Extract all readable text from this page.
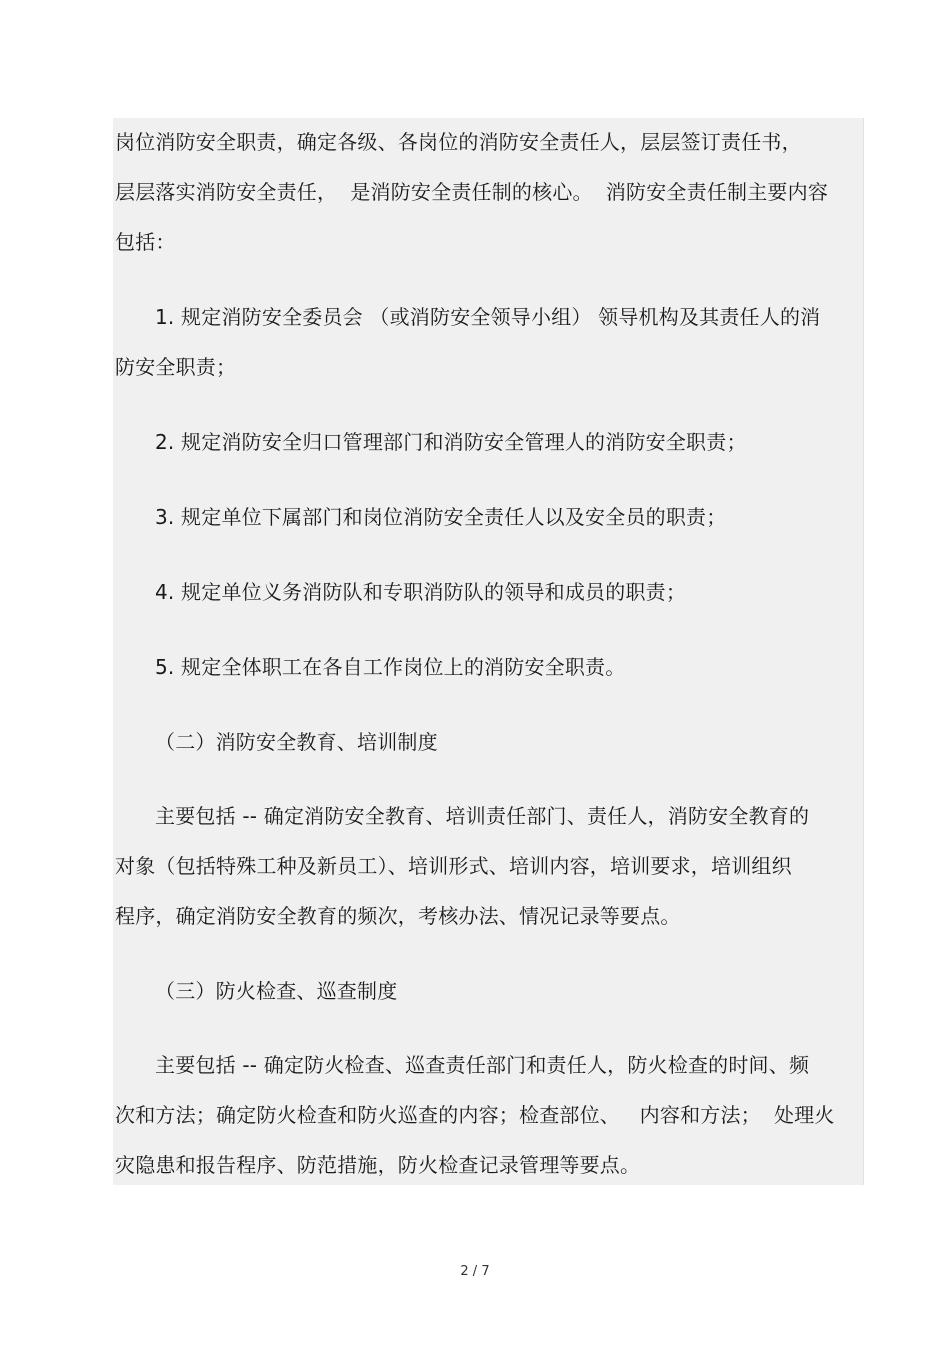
岗位消防安全职责，确定各级、各岗位的消防安全责任人，层层签订责任书，
层层落实消防安全责任，  是消防安全责任制的核心。  消防安全责任制主要内容
包括：
1. 规定消防安全委员会 （或消防安全领导小组） 领导机构及其责任人的消
防安全职责；
2. 规定消防安全归口管理部门和消防安全管理人的消防安全职责；
3. 规定单位下属部门和岗位消防安全责任人以及安全员的职责；
4. 规定单位义务消防队和专职消防队的领导和成员的职责；
5. 规定全体职工在各自工作岗位上的消防安全职责。
（二）消防安全教育、培训制度
主要包括 -- 确定消防安全教育、培训责任部门、责任人，消防安全教育的
对象（包括特殊工种及新员工）、培训形式、培训内容，培训要求，培训组织
程序，确定消防安全教育的频次，考核办法、情况记录等要点。
（三）防火检查、巡查制度
主要包括 -- 确定防火检查、巡查责任部门和责任人，防火检查的时间、频
次和方法；确定防火检查和防火巡查的内容；检查部位、   内容和方法；  处理火
灾隐患和报告程序、防范措施，防火检查记录管理等要点。
2 / 7
